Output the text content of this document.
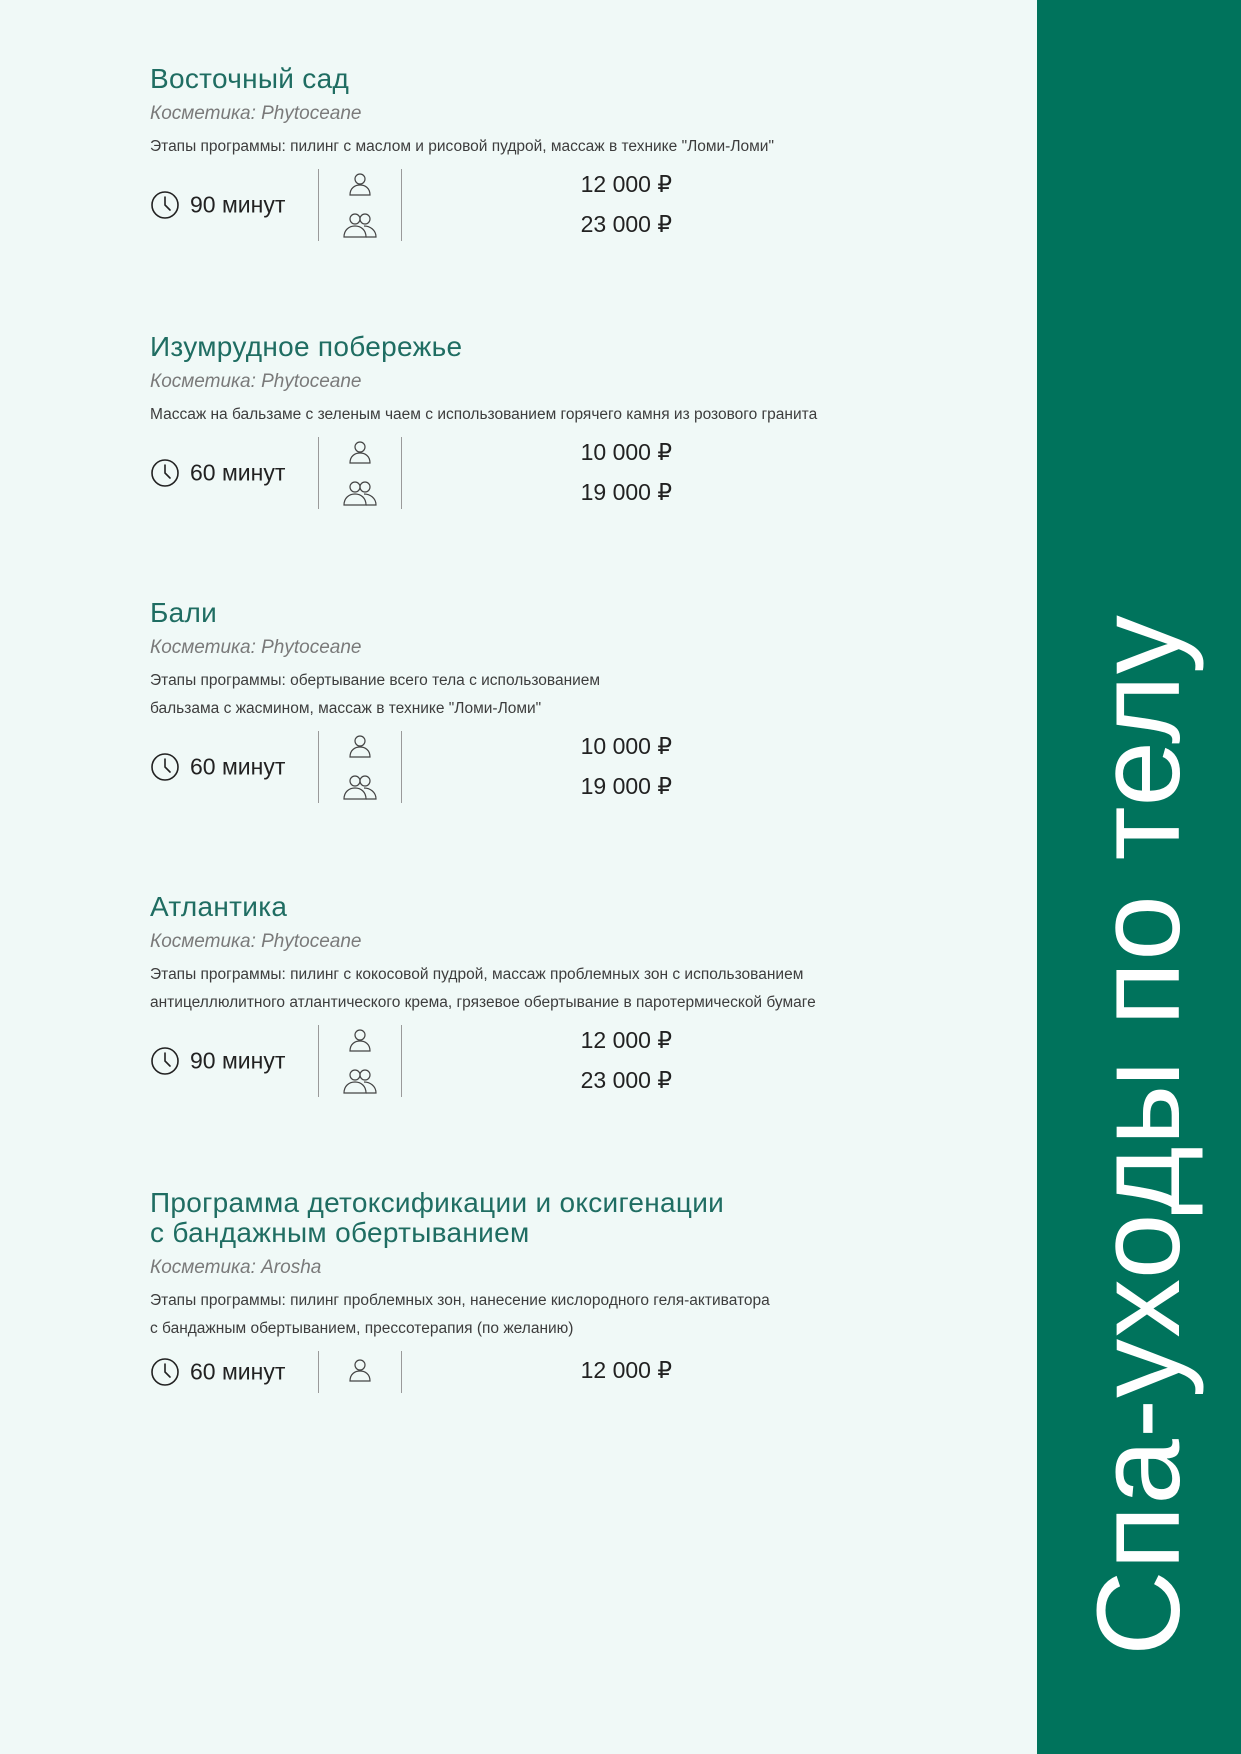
Восточный сад
Косметика: Phytoceane
Этапы программы: пилинг с маслом и рисовой пудрой, массаж в технике "Ломи-Ломи"
90 минут
12 000 ₽
23 000 ₽
Изумрудное побережье
Косметика: Phytoceane
Массаж на бальзаме с зеленым чаем с использованием горячего камня из розового гранита
60 минут
10 000 ₽
19 000 ₽
Бали
Косметика: Phytoceane
Этапы программы: обертывание всего тела с использованием
бальзама с жасмином, массаж в технике "Ломи-Ломи"
60 минут
10 000 ₽
19 000 ₽
Атлантика
Косметика: Phytoceane
Этапы программы: пилинг с кокосовой пудрой, массаж проблемных зон с использованием
антицеллюлитного атлантического крема, грязевое обертывание в паротермической бумаге
90 минут
12 000 ₽
23 000 ₽
Программа детоксификации и оксигенации
с бандажным обертыванием
Косметика: Arosha
Этапы программы: пилинг проблемных зон, нанесение кислородного геля-активатора
с бандажным обертыванием, прессотерапия (по желанию)
60 минут	12 000 ₽	Спа-уходы по телу
